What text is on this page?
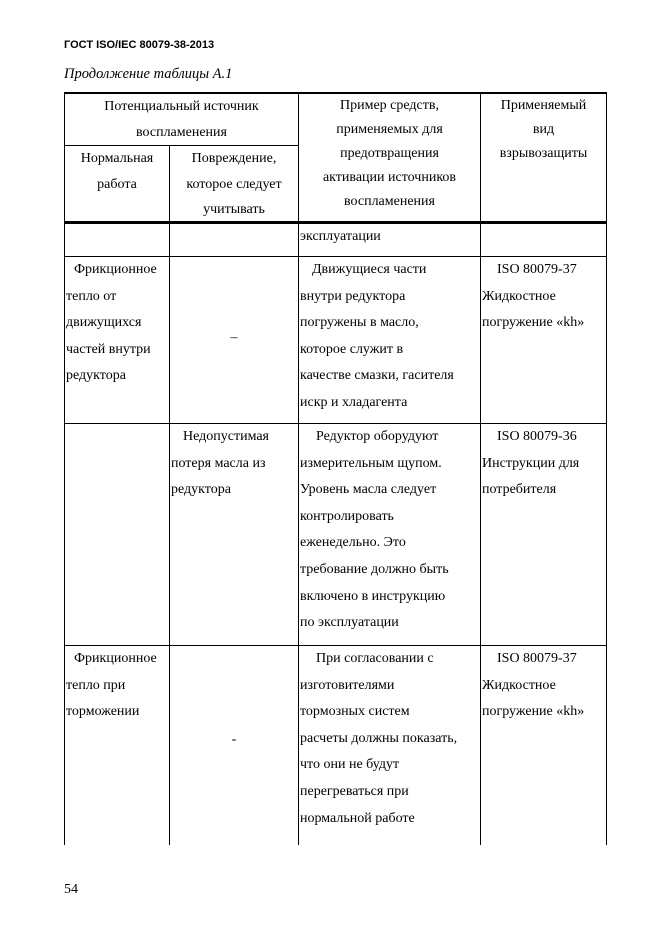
ГОСТ ISO/IEC 80079-38-2013
Продолжение таблицы А.1
Потенциальный источник
воспламенения
Нормальная
работа
Повреждение,
которое следует
учитывать
Пример средств,
применяемых для
предотвращения
активации источников
воспламенения
Применяемый
вид
взрывозащиты
эксплуатации
Фрикционное
тепло от
движущихся
частей внутри
редуктора
–
Движущиеся части
внутри редуктора
погружены в масло,
которое служит в
качестве смазки, гасителя
искр и хладагента
ISO 80079-37
Жидкостное
погружение «kh»
Недопустимая
потеря масла из
редуктора
Редуктор оборудуют
измерительным щупом.
Уровень масла следует
контролировать
еженедельно. Это
требование должно быть
включено в инструкцию
по эксплуатации
ISO 80079-36
Инструкции для
потребителя
Фрикционное
тепло при
торможении
-
При согласовании с
изготовителями
тормозных систем
расчеты должны показать,
что они не будут
перегреваться при
нормальной работе
ISO 80079-37
Жидкостное
погружение «kh»
54
